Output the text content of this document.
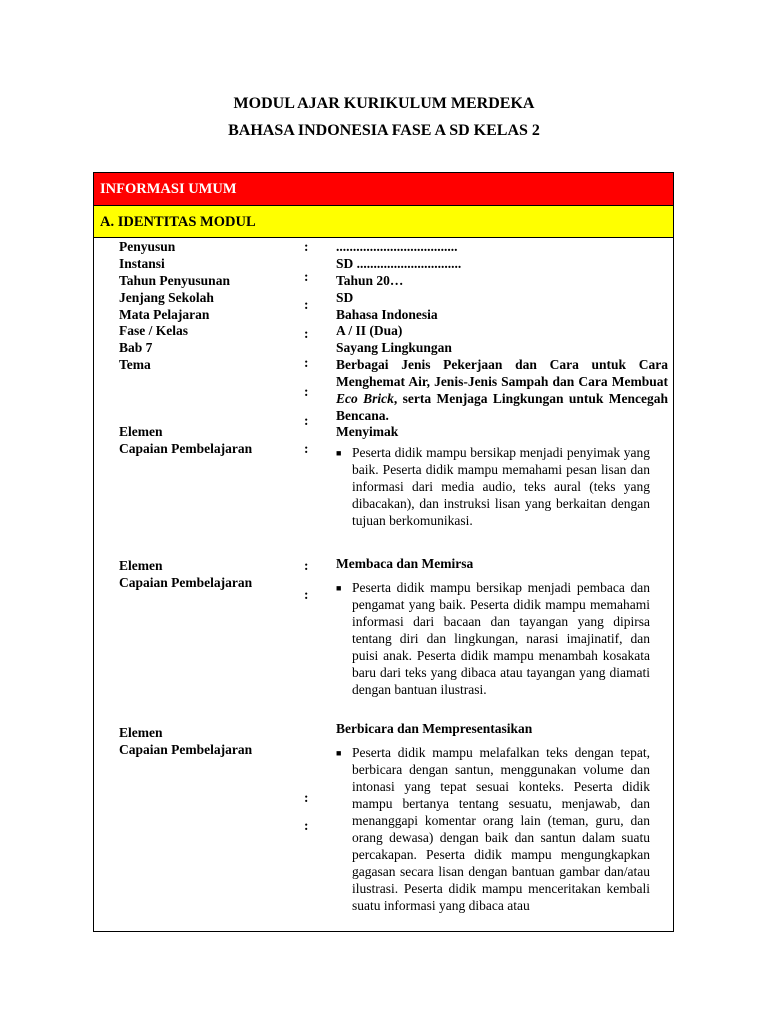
MODUL AJAR KURIKULUM MERDEKA
BAHASA INDONESIA FASE A SD KELAS 2
INFORMASI UMUM
A. IDENTITAS MODUL
Penyusun
Instansi
Tahun Penyusunan
Jenjang Sekolah
Mata Pelajaran
Fase / Kelas
Bab 7
Tema
:
:
:
:
:
:
:
:
....................................
SD ...............................
Tahun 20…
SD
Bahasa Indonesia
A / II (Dua)
Sayang Lingkungan
Berbagai Jenis Pekerjaan dan Cara untuk Cara Menghemat Air, Jenis-Jenis Sampah dan Cara Membuat Eco Brick, serta Menjaga Lingkungan untuk Mencegah Bencana.
Elemen
Capaian Pembelajaran
Menyimak
■ Peserta didik mampu bersikap menjadi penyimak yang baik. Peserta didik mampu memahami pesan lisan dan informasi dari media audio, teks aural (teks yang dibacakan), dan instruksi lisan yang berkaitan dengan tujuan berkomunikasi.
Elemen
Capaian Pembelajaran
:
:
Membaca dan Memirsa
■ Peserta didik mampu bersikap menjadi pembaca dan pengamat yang baik. Peserta didik mampu memahami informasi dari bacaan dan tayangan yang dipirsa tentang diri dan lingkungan, narasi imajinatif, dan puisi anak. Peserta didik mampu menambah kosakata baru dari teks yang dibaca atau tayangan yang diamati dengan bantuan ilustrasi.
Elemen
Capaian Pembelajaran
:
:
Berbicara dan Mempresentasikan
■ Peserta didik mampu melafalkan teks dengan tepat, berbicara dengan santun, menggunakan volume dan intonasi yang tepat sesuai konteks. Peserta didik mampu bertanya tentang sesuatu, menjawab, dan menanggapi komentar orang lain (teman, guru, dan orang dewasa) dengan baik dan santun dalam suatu percakapan. Peserta didik mampu mengungkapkan gagasan secara lisan dengan bantuan gambar dan/atau ilustrasi. Peserta didik mampu menceritakan kembali suatu informasi yang dibaca atau
